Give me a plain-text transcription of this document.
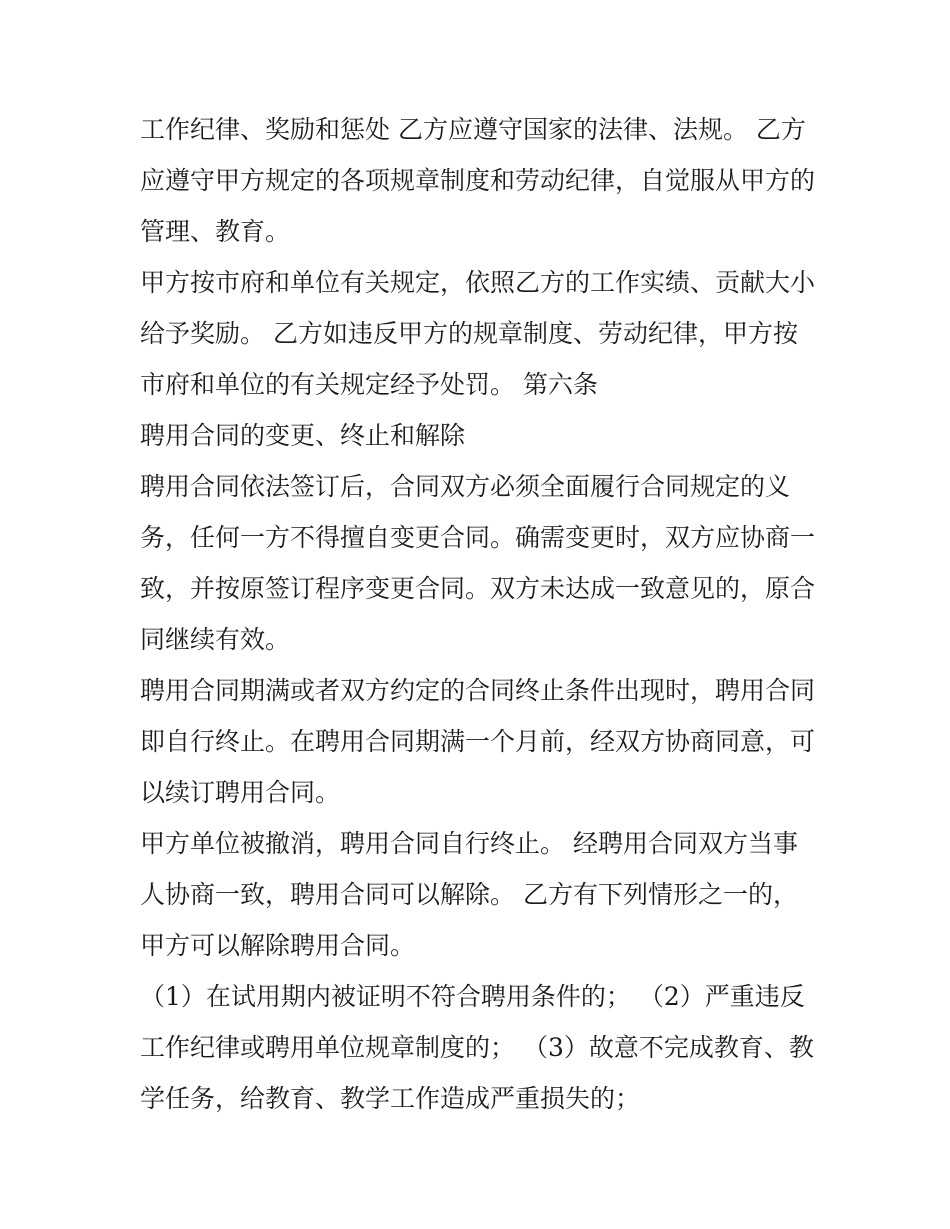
工作纪律、奖励和惩处 乙方应遵守国家的法律、法规。 乙方
应遵守甲方规定的各项规章制度和劳动纪律，自觉服从甲方的
管理、教育。
甲方按市府和单位有关规定，依照乙方的工作实绩、贡献大小
给予奖励。 乙方如违反甲方的规章制度、劳动纪律，甲方按
市府和单位的有关规定经予处罚。 第六条
聘用合同的变更、终止和解除
聘用合同依法签订后，合同双方必须全面履行合同规定的义
务，任何一方不得擅自变更合同。确需变更时，双方应协商一
致，并按原签订程序变更合同。双方未达成一致意见的，原合
同继续有效。
聘用合同期满或者双方约定的合同终止条件出现时，聘用合同
即自行终止。在聘用合同期满一个月前，经双方协商同意，可
以续订聘用合同。
甲方单位被撤消，聘用合同自行终止。 经聘用合同双方当事
人协商一致，聘用合同可以解除。 乙方有下列情形之一的，
甲方可以解除聘用合同。
（1）在试用期内被证明不符合聘用条件的； （2）严重违反
工作纪律或聘用单位规章制度的； （3）故意不完成教育、教
学任务，给教育、教学工作造成严重损失的；
